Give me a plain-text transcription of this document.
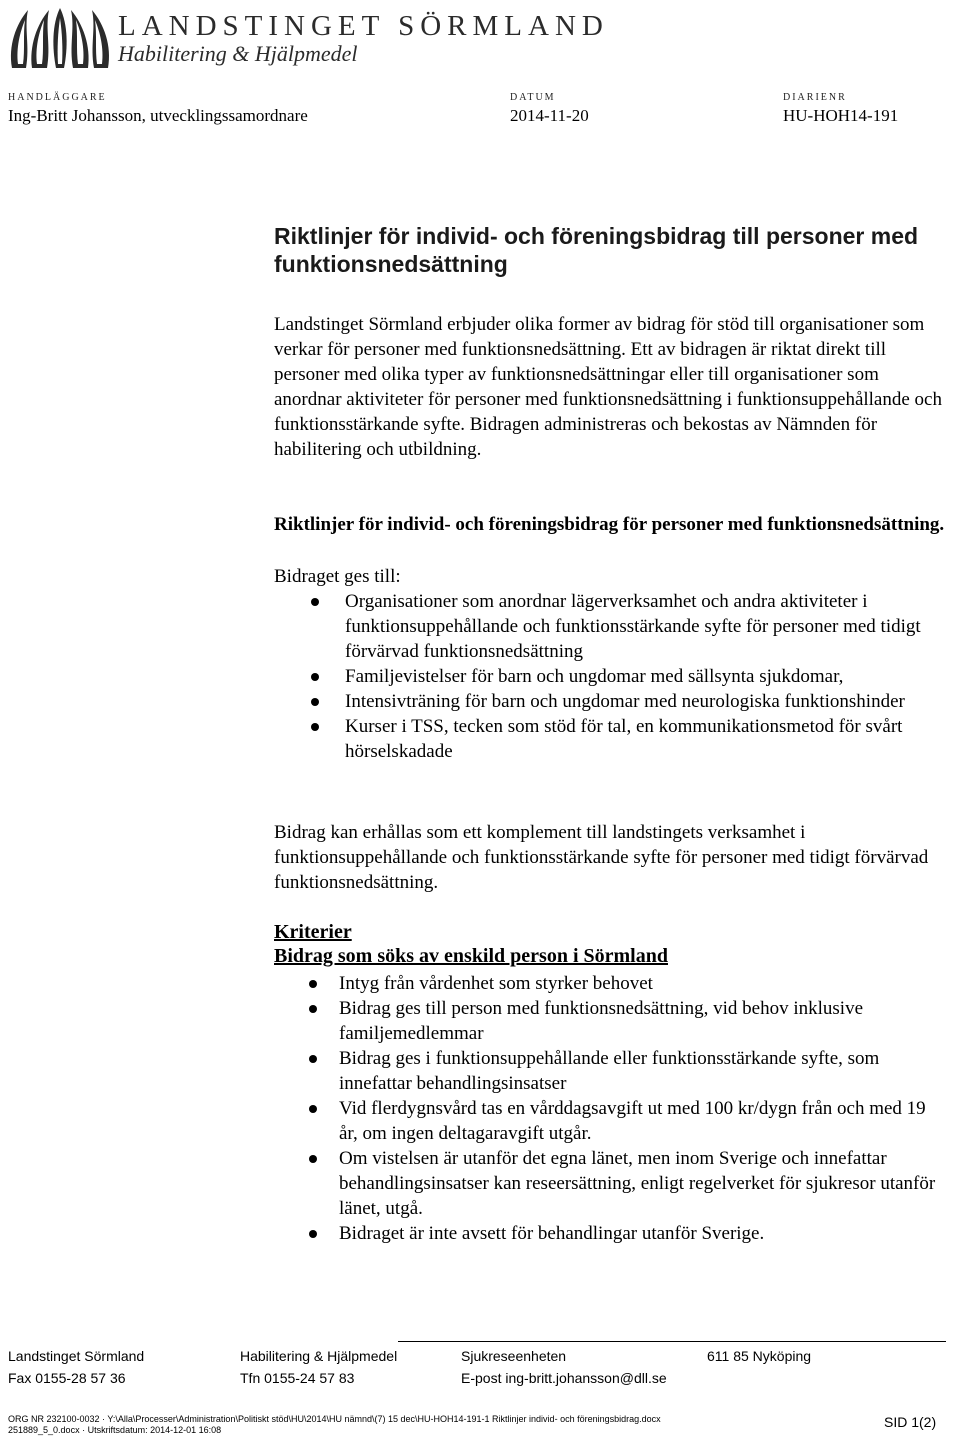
LANDSTINGET SÖRMLAND
Habilitering & Hjälpmedel
HANDLÄGGARE
Ing-Britt Johansson, utvecklingssamordnare
DATUM
2014-11-20
DIARIENR
HU-HOH14-191
Riktlinjer för individ- och föreningsbidrag till personer med funktionsnedsättning
Landstinget Sörmland erbjuder olika former av bidrag för stöd till organisationer som verkar för personer med funktionsnedsättning. Ett av bidragen är riktat direkt till personer med olika typer av funktionsnedsättningar eller till organisationer som anordnar aktiviteter för personer med funktionsnedsättning i funktionsuppehållande och funktionsstärkande syfte. Bidragen administreras och bekostas av Nämnden för habilitering och utbildning.
Riktlinjer för individ- och föreningsbidrag för personer med funktionsnedsättning.
Bidraget ges till:
Organisationer som anordnar lägerverksamhet och andra aktiviteter i funktionsuppehållande och funktionsstärkande syfte för personer med tidigt förvärvad funktionsnedsättning
Familjevistelser för barn och ungdomar med sällsynta sjukdomar,
Intensivträning för barn och ungdomar med neurologiska funktionshinder
Kurser i TSS, tecken som stöd för tal, en kommunikationsmetod för svårt hörselskadade
Bidrag kan erhållas som ett komplement till landstingets verksamhet i funktionsuppehållande och funktionsstärkande syfte för personer med tidigt förvärvad funktionsnedsättning.
Kriterier
Bidrag som söks av enskild person i Sörmland
Intyg från vårdenhet som styrker behovet
Bidrag ges till person med funktionsnedsättning, vid behov inklusive familjemedlemmar
Bidrag ges i funktionsuppehållande eller funktionsstärkande syfte, som innefattar behandlingsinsatser
Vid flerdygnsvård tas en vårddagsavgift ut med 100 kr/dygn från och med 19 år, om ingen deltagaravgift utgår.
Om vistelsen är utanför det egna länet, men inom Sverige och innefattar behandlingsinsatser kan reseersättning, enligt regelverket för sjukresor utanför länet, utgå.
Bidraget är inte avsett för behandlingar utanför Sverige.
Landstinget Sörmland
Fax 0155-28 57 36
Habilitering & Hjälpmedel
Tfn 0155-24 57 83
Sjukreseenheten
E-post ing-britt.johansson@dll.se
611 85 Nyköping
ORG NR 232100-0032 · Y:\Alla\Processer\Administration\Politiskt stöd\HU\2014\HU nämnd\(7) 15 dec\HU-HOH14-191-1 Riktlinjer individ- och föreningsbidrag.docx
251889_5_0.docx · Utskriftsdatum: 2014-12-01 16:08	SID 1(2)
